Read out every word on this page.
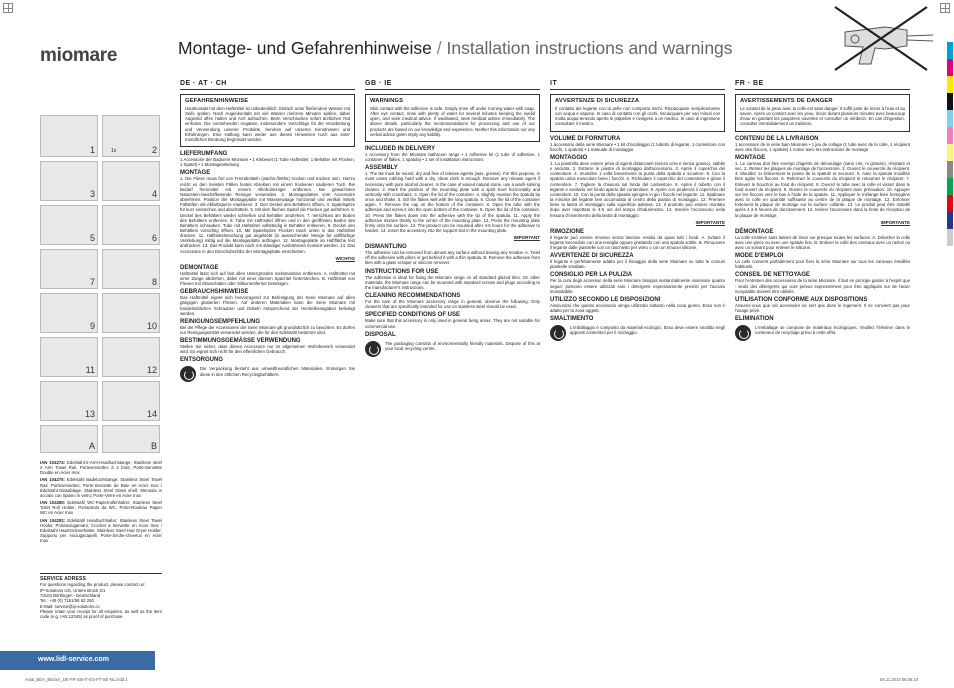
miomare	Montage- und Gefahrenhinweise / Installation instructions and warnings
1	2
1x
3	4
5	6
7	8
9	10
11	12
13	14
A	B

IAN 104274: Edelstahl-2-Arm-Handtuchstange; Stainless steel 2 Arm Towel Rail, Porteserviettes à 2 bras; Porte-Serviette Double en Acier Inox

IAN 104275: Edelstahl Badetuchstange; Stainless Steel Towel Rail, Porteserviettes; Porte-Serviette de Bain en Acier Inox / Edelstahl-Glasablage; Stainless Steel Glass shelf, Mensola in acciaio con ripiano in vetro; Porte-Verre en Acier Inox

IAN 104280: Edelstahl WC-Papierrollenhalter; Stainless Steel Toilet Roll Holder, Portarotolo da WC, Porte-Rouleau Papier WC en Acier Inox

IAN 104281: Edelstahl Handtuchhalter; Stainless Steel Towel Hooks; Portasciugamani; Crochet à Serviette en Acier Inox / Edelstahl Haartrocknerhalter, Stainless Steel Hair Dryer Holder; Supporto per Asciugacapelli; Porte-Sèche-cheveux en Acier Inox

SERVICE ADRESS

For questions regarding the product, please contact us:

IP-Solutions UG, Untere Bruck 2/1

73104 Börtlingen - Deutschland

Tel.: +49 (0) 7161/58 62 250

E-Mail: service@ip-solutions.cc

Please retain your receipt for all enquiries, as well as the item code (e.g. IAN 12345) as proof of purchase.

www.lidl-service.com
DE · AT · CH
GEFAHRENHINWEISE

Hautkontakt mit dem Haftmittel ist unbedenklich. Einfach unter fließendem Wasser mit Seife spülen. Nach Augenkontakt mit viel Wasser mehrere Minuten spülen, dabei Augenlid offen halten und Arzt aufsuchen. Beim Verschlucken sofort ärztlichen Rat einholen. Die vorstehenden Angaben, insbesondere Vorschläge für die Verarbeitung und Verwendung unserer Produkte, beruhen auf unseren Kenntnissen und Erfahrungen. Eine Haftung kann weder aus diesen Hinweisen noch aus einer mündlichen Beratung begründet werden.

LIEFERUMFANG

1 Accessoire der Badserie Miomare • 1 Klebeset (1 Tube Haftmittel, 1 Behälter mit Flocken, 1 Spatel) • 1 Montageanleitung

MONTAGE

1. Die Fliese muss frei von Fremdmitteln (wachs-/fetthe) trocken und trocken sein. Hierzu reicht es den meisten Fällen festes Abreiben mit einem trockenen sauberen Tuch. Bei Bedarf fremmittel mit reinem Alkoholreiniger entfernen. Bei gewachsten Naturstein-/wachsfliesende Reiniger verwenden. 2. Montageplatten vom Accessoire abnehmen. Position der Montageplatte mit Wasserwaage horizontal und vertikal mittels Faltstiften als Abfarbsperre markieren. 3. Den Deckel des Behälters öffnen. 4. Spatelspitze für kurz einstechen und abschütteln. 5. Mit dem flachen Spatel die Flocken gut aufrühren. 6. Deckel des Behälters wieder schließen und Behälter umdrehen. 7. Verschluss am Boden des Behälters entfernen. 8. Tube mit Haftmittel öffnen und in den geöffneten Boden des Behälters schrauben. Tube mit Haftmittel vollständig in Behälter entleeren. 9. Deckel des Behälters vorsichtig öffnen. 10. Mit Spatelspitze Flocken rasch unten in das Haftmittel drücken. 11. Haftmittelmischung gut angeklebt (in ausreichender Menge für vollflächige Verklebung) mittig auf die Montageplatte auftragen. 12. Montageplatte an Haftfläche fest andrücken. 13. Das Produkt kann nach 4-5 ständiger Aushärtezeit montiert werden. 14. Das Accessoire in den Einschubschlitz der Montageplatte einschieben.

WICHTIG
DEMONTAGE

Haftmittel lässt sich auf fast allen Untergründen rückstandslos entfernen. A. Haftmittel mit einer Zange abdrehen, dabei mit einer dünnen Spachtel hinterstechen. B. Haftmittel von Fliesen mit Glasschaber oder Silikonentferner beseitigen.

GEBRAUCHSHINWEISE

Das Haftmittel eignet sich hervorragend zur Befestigung der Serie Miomare auf allen gängigen glasierten Fliesen. Auf anderen Materialien kann die Serie Miomare mit handelsüblichen Schrauben und Dübeln entsprechend der Herstellerangaben befestigt werden.

REINIGUNGSEMPFEHLUNG

Bei der Pflege der Accessoires der Serie Miomare gilt grundsätzlich zu beachten: Es dürfen nur Reinigungsmittel verwendet werden, die für den Edelstahl bestimmt sind.

BESTIMMUNGSGEMÄSSE VERWENDUNG

Stellen Sie sicher, dass dieses Accessoire nur im allgemeinen Wohnbereich verwendet wird. Es eignet sich nicht für den öffentlichen Gebrauch.

ENTSORGUNG

Die Verpackung besteht aus umweltfreundlichen Materialien. Entsorgen Sie diese in den örtlichen Recyclingbehältern.

GB · IE
WARNINGS

Skin contact with the adhesive is safe. Simply rinse off under running water with soap. After eye contact, rinse with plenty of water for several minutes keeping the eyelid open, and seek medical advice. If swallowed, seek medical advice immediately. The above details, particularly the recommendations for processing and use of our products are based on our knowledge and experience. Neither this information nor any verbal advice given imply any liability.

INCLUDED IN DELIVERY

1 Accessory from the Miomare bathroom range • 1 Adhesive kit (1 tube of adhesive, 1 container of flakes, 1 spatula) • 1 set of installation instructions

ASSEMBLY

1. The tile must be sound, dry and free of release agents (wax, grease). For this purpose, in most cases rubbing hard with a dry, clean cloth is enough. Remove any release agent if necessary with pure alcohol cleaner. In the case of waxed natural stone, use a wash-solving cleaner. 2. Mark the position of the mounting plate with a spirit level horizontally and vertically with crosshairs. 3. Open the lid of the container. 4. Slightly moisten the spatula tip once and shake. 5. Stir the flakes well with the long spatula. 6. Close the lid of the container again. 7. Remove the cap on the bottom of the container. 8. Open the tube with the adhesive and screw it into the open bottom of the container. 9. Open the lid of the container. 10. Press the flakes down into the adhesive with the tip of the spatula. 11. Apply the adhesive mixture thickly to the centre of the mounting plate. 12. Press the mounting plate firmly onto the surface. 13. The product can be mounted after 4-5 hours for the adhesive to harden. 14. Insert the accessory into the support slot in the mounting plate.

IMPORTANT
DISMANTLING

The adhesive can be removed from almost any surface without leaving any residue. A. Twist off the adhesive with pliers or get behind it with a thin spatula. B. Remove the adhesive from tiles with a glass scraper or silicone remover.

INSTRUCTIONS FOR USE

The adhesive is ideal for fixing the Miomare range on all standard glazed tiles. On other materials, the Miomare range can be mounted with standard screws and plugs according to the manufacturer's instructions.

CLEANING RECOMMENDATIONS

For the care of the Miomare accessory range in general, observe the following: Only cleaners that are specifically intended for use on stainless steel should be used.

SPECIFIED CONDITIONS OF USE

Make sure that this accessory is only used in general living areas. They are not suitable for commercial use.

DISPOSAL

The packaging consists of environmentally friendly materials. Dispose of this at your local recycling centre.

IT
AVVERTENZE DI SICUREZZA

Il contatto del legante con la pelle non comporta rischi. Risciacquare semplicemente con acqua e sapone. In caso di contatto con gli occhi, risciacquare per vari minuti con molta acqua tenendo aperte le palpebre e rivolgersi a un medico. In caso di ingestione consultare il medico.

VOLUME DI FORNITURA

1 accessorio della serie Miomare • 1 kit d'incollaggio (1 tubetto di legante, 1 contenitore con fiocchi, 1 spatola) • 1 manuale di montaggio

MONTAGGIO

1. La piastrella deve essere priva di agenti distaccanti (senza cera e senza grasso), stabile e asciutta. 2. Estrarre le piastre di montaggio dall'accessorio. 3. Aprire il coperchio del contenitore. 4. Inumidire 1 volta brevemente la punta della spatola e scuotere. 5. Con la spatola unica mescolare bene i fiocchi. 6. Richiudere il coperchio del contenitore e girare il contenitore. 7. Togliere la chiusura sul fondo del contenitore. 8. Aprire il tubetto con il legante e avvitarlo nel fondo aperto del contenitore. 9. Aprire con prudenza il coperchio del contenitore. 10. Con la punta della spatola spingere in giù i fiocchi nel legante. 11. Spalmare la miscela del legante ben accumulata al centro della piastra di montaggio. 12. Premere bene la lastra di montaggio sulla superficie adesiva. 13. Il prodotto può essere montato dopo aver rispettato le 4-5 ore del tempo d'indurimento. 14. Inserire l'accessorio nella fessura d'inserimento della lastra di montaggio.

IMPORTANTE
RIMOZIONE

Il legante può essere rimosso senza lasciare residui da quasi tutti i fondi. A. Svitare il legante torcendolo con una tenaglia oppure grattando con una spatola sottile. B. Rimuovere il legante dalle piastrelle con un raschietto per vetro o con un rimuovi silicone.

AVVERTENZE DI SICUREZZA

Il legante è perfettamente adatto per il fissaggio della serie Miomare su tutte le comuni piastrelle smaltate.

CONSIGLIO PER LA PULIZIA

Per la cura degli accessori della serie Miomare bisogna sostanzialmente osservare quanto segue: possono essere utilizzati solo i detergenti espressamente previsti per l'acciaio inossidabile.

UTILIZZO SECONDO LE DISPOSIZIONI

Assicurarsi che questo accessorio venga utilizzato soltanto nella zona giorno. Esso non è adatto per la zona oggetti.

SMALTIMENTO

L'imballaggio è composto da materiali ecologici. Esso deve essere smaltito negli appositi contenitori per il riciclaggio.

FR · BE
AVERTISSEMENTS DE DANGER

Le contact de la peau avec la colle est sans danger. Il suffit juste de rincer à l'eau et au savon. Après un contact avec les yeux, rincer durant plusieurs minutes avec beaucoup d'eau en gardant les paupières ouvertes et consulter un médecin. En cas d'ingestion, consulter immédiatement un médecin.

CONTENU DE LA LIVRAISON

1 accessoire de la série bain Miomare • 1 jeu de collage (1 tube avec de la colle, 1 récipient avec des flocons, 1 spatule) 1 notice avec les instructions de montage

MONTAGE

1. Le carreau doit être exempt d'agents de démoulage (sans cire, ni graisse), résistant et sec. 2. Retirez les plaques de montage de l'accessoire. 3. Ouvrez le couvercle du récipient. 4. Mouillez 1x brièvement la pointe de la spatule et secouez. 5. Avec la spatule mouillée bien agiter les flocons. 6. Refermez le couvercle du récipient et retournez le récipient. 7. Enlevez le bouchon au fond du récipient. 8. Ouvrez le tube avec la colle et vissez dans le fond ouvert du récipient. 9. Ouvrez le couvercle du récipient avec précaution. 10. Appuyer sur les flocons vers le bas à l'aide de la spatule. 11. Appliquer le mélange bien homogène avec la colle en quantité suffisante au centre de la plaque de montage. 12. Enfoncer fortement la plaque de montage sur la surface collante. 13. Le produit peut être installé après 4 à 5 heures de durcissement. 14. Insérer l'accessoire dans la fente de réception de la plaque de montage.

IMPORTANTE
DÉMONTAGE

La colle s'enlève sans laisser de trace sur presque toutes les surfaces. A. Détacher la colle avec une pince ou avec une spatule fine. B. Enlever la colle des carreaux avec un racloir ou avec un solvant pour enlever le silicone.

MODE D'EMPLOI

La colle convient parfaitement pour fixer la série Miomare sur tous les carreaux émaillés habituels.

CONSEIL DE NETTOYAGE

Pour l'entretien des accessoires de la série Miomare, il faut en principe garder à l'esprit que : seuls des détergents qui sont prévus expressément pour être appliqués sur de l'acier inoxydable doivent être utilisés.

UTILISATION CONFORME AUX DISPOSITIONS

Assurez-vous que cet accessoire ne sert que dans le logement. Il ne convient pas pour l'usage privé.

ELIMINATION

L'emballage se compose de matériaux écologiques. Veuillez l'éliminer dans le conteneur de recyclage prévu à cette effet.

Axial_BDA_BlockA_DE-FR-GB-IT-ES-PT-SE-NL.indd 1	04.11.2014 08:36:10
